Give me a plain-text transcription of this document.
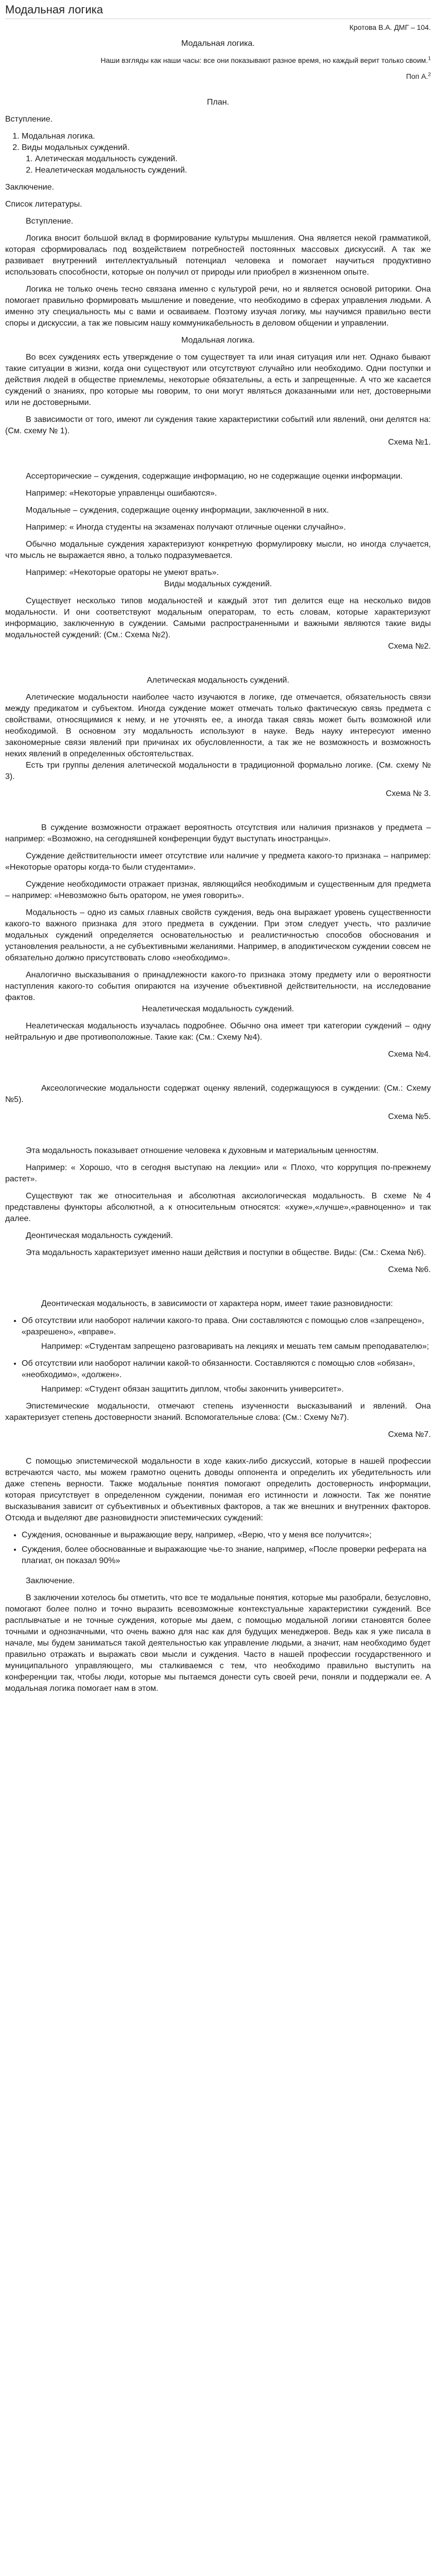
Модальная логика

Кротова В.А. ДМГ – 104.

Модальная логика.

Наши взгляды как наши часы: все они показывают разное время, но каждый верит только своим.$^1$

Поп А.$^2$

План.

Вступление.

1. Модальная логика.
2. Виды модальных суждений.
1. Алетическая модальность суждений.
2. Неалетическая модальность суждений.

Заключение.

Список литературы.

Вступление.

Логика вносит большой вклад в формирование культуры мышления. Она является некой грамматикой, которая сформировалась под воздействием потребностей постоянных массовых дискуссий. А так же развивает внутренний интеллектуальный потенциал человека и помогает научиться продуктивно использовать способности, которые он получил от природы или приобрел в жизненном опыте.

Логика не только очень тесно связана именно с культурой речи, но и является основой риторики. Она помогает правильно формировать мышление и поведение, что необходимо в сферах управления людьми. А именно эту специальность мы с вами и осваиваем. Поэтому изучая логику, мы научимся правильно вести споры и дискуссии, а так же повысим нашу коммуникабельность в деловом общении и управлении.

Модальная логика.

Во всех суждениях есть утверждение о том существует та или иная ситуация или нет. Однако бывают такие ситуации в жизни, когда они существуют или отсутствуют случайно или необходимо. Одни поступки и действия людей в обществе приемлемы, некоторые обязательны, а есть и запрещенные. А что же касается суждений о знаниях, про которые мы говорим, то они могут являться доказанными или нет, достоверными или не достоверными.

В зависимости от того, имеют ли суждения такие характеристики событий или явлений, они делятся на: (См. схему № 1).

Схема №1.

Ассерторические – суждения, содержащие информацию, но не содержащие оценки информации.

Например: «Некоторые управленцы ошибаются».

Модальные – суждения, содержащие оценку информации, заключенной в них.

Например: « Иногда студенты на экзаменах получают отличные оценки случайно».

Обычно модальные суждения характеризуют конкретную формулировку мысли, но иногда случается, что мысль не выражается явно, а только подразумевается.

Например: «Некоторые ораторы не умеют врать».

Виды модальных суждений.

Существует несколько типов модальностей и каждый этот тип делится еще на несколько видов модальности. И они соответствуют модальным операторам, то есть словам, которые характеризуют информацию, заключенную в суждении. Самыми распространенными и важными являются такие виды модальностей суждений: (См.: Схема №2).

Схема №2.

Алетическая модальность суждений.

Алетические модальности наиболее часто изучаются в логике, где отмечается, обязательность связи между предикатом и субъектом. Иногда суждение может отмечать только фактическую связь предмета с свойствами, относящимися к нему, и не уточнять ее, а иногда такая связь может быть возможной или необходимой. В основном эту модальность используют в науке. Ведь науку интересуют именно закономерные связи явлений при причинах их обусловленности, а так же не возможность и возможность неких явлений в определенных обстоятельствах.

Есть три группы деления алетической модальности в традиционной формально логике. (См. схему № 3).

Схема № 3.

В суждение возможности отражает вероятность отсутствия или наличия признаков у предмета – например: «Возможно, на сегодняшней конференции будут выступать иностранцы».

Суждение действительности имеет отсутствие или наличие у предмета какого-то признака – например: «Некоторые ораторы когда-то были студентами».

Суждение необходимости отражает признак, являющийся необходимым и существенным для предмета – например: «Невозможно быть оратором, не умея говорить».

Модальность – одно из самых главных свойств суждения, ведь она выражает уровень существенности какого-то важного признака для этого предмета в суждении. При этом следует учесть, что различие модальных суждений определяется основательностью и реалистичностью способов обоснования и установления реальности, а не субъективными желаниями. Например, в аподиктическом суждении совсем не обязательно должно присутствовать слово «необходимо».

Аналогично высказывания о принадлежности какого-то признака этому предмету или о вероятности наступления какого-то события опираются на изучение объективной действительности, на исследование фактов.

Неалетическая модальность суждений.

Неалетическая модальность изучалась подробнее. Обычно она имеет три категории суждений – одну нейтральную и две противоположные. Такие как: (См.: Схему №4).

Схема №4.

Аксеологические модальности содержат оценку явлений, содержащуюся в суждении: (См.: Схему №5).

Схема №5.

Эта модальность показывает отношение человека к духовным и материальным ценностям.

Например: « Хорошо, что в сегодня выступаю на лекции» или « Плохо, что коррупция по-прежнему растет».

Существуют так же относительная и абсолютная аксиологическая модальность. В схеме №4 представлены функторы абсолютной, а к относительным относятся: «хуже»,«лучше»,«равноценно» и так далее.

Деонтическая модальность суждений.

Эта модальность характеризует именно наши действия и поступки в обществе. Виды: (См.: Схема №6).

Схема №6.

Деонтическая модальность, в зависимости от характера норм, имеет такие разновидности:

• Об отсутствии или наоборот наличии какого-то права. Они составляются с помощью слов «запрещено», «разрешено», «вправе».

Например: «Студентам запрещено разговаривать на лекциях и мешать тем самым преподавателю»;

• Об отсутствии или наоборот наличии какой-то обязанности. Составляются с помощью слов «обязан», «необходимо», «должен».

Например: «Студент обязан защитить диплом, чтобы закончить университет».

Эпистемические модальности, отмечают степень изученности высказываний и явлений. Она характеризует степень достоверности знаний. Вспомогательные слова: (См.: Схему №7).

Схема №7.

С помощью эпистемической модальности в ходе каких-либо дискуссий, которые в нашей профессии встречаются часто, мы можем грамотно оценить доводы оппонента и определить их убедительность или даже степень верности. Также модальные понятия помогают определить достоверность информации, которая присутствует в определенном суждении, понимая его истинности и ложности. Так же понятие высказывания зависит от субъективных и объективных факторов, а так же внешних и внутренних факторов. Отсюда и выделяют две разновидности эпистемических суждений:

• Суждения, основанные и выражающие веру, например, «Верю, что у меня все получится»;
• Суждения, более обоснованные и выражающие чье-то знание, например, «После проверки реферата на плагиат, он показал 90%»

Заключение.

В заключении хотелось бы отметить, что все те модальные понятия, которые мы разобрали, безусловно, помогают более полно и точно выразить всевозможные контекстуальные характеристики суждений. Все расплывчатые и не точные суждения, которые мы даем, с помощью модальной логики становятся более точными и однозначными, что очень важно для нас как для будущих менеджеров. Ведь как я уже писала в начале, мы будем заниматься такой деятельностью как управление людьми, а значит, нам необходимо будет правильно отражать и выражать свои мысли и суждения. Часто в нашей профессии государственного и муниципального управляющего, мы сталкиваемся с тем, что необходимо правильно выступить на конференции так, чтобы люди, которые мы пытаемся донести суть своей речи, поняли и поддержали ее. А модальная логика помогает нам в этом.
